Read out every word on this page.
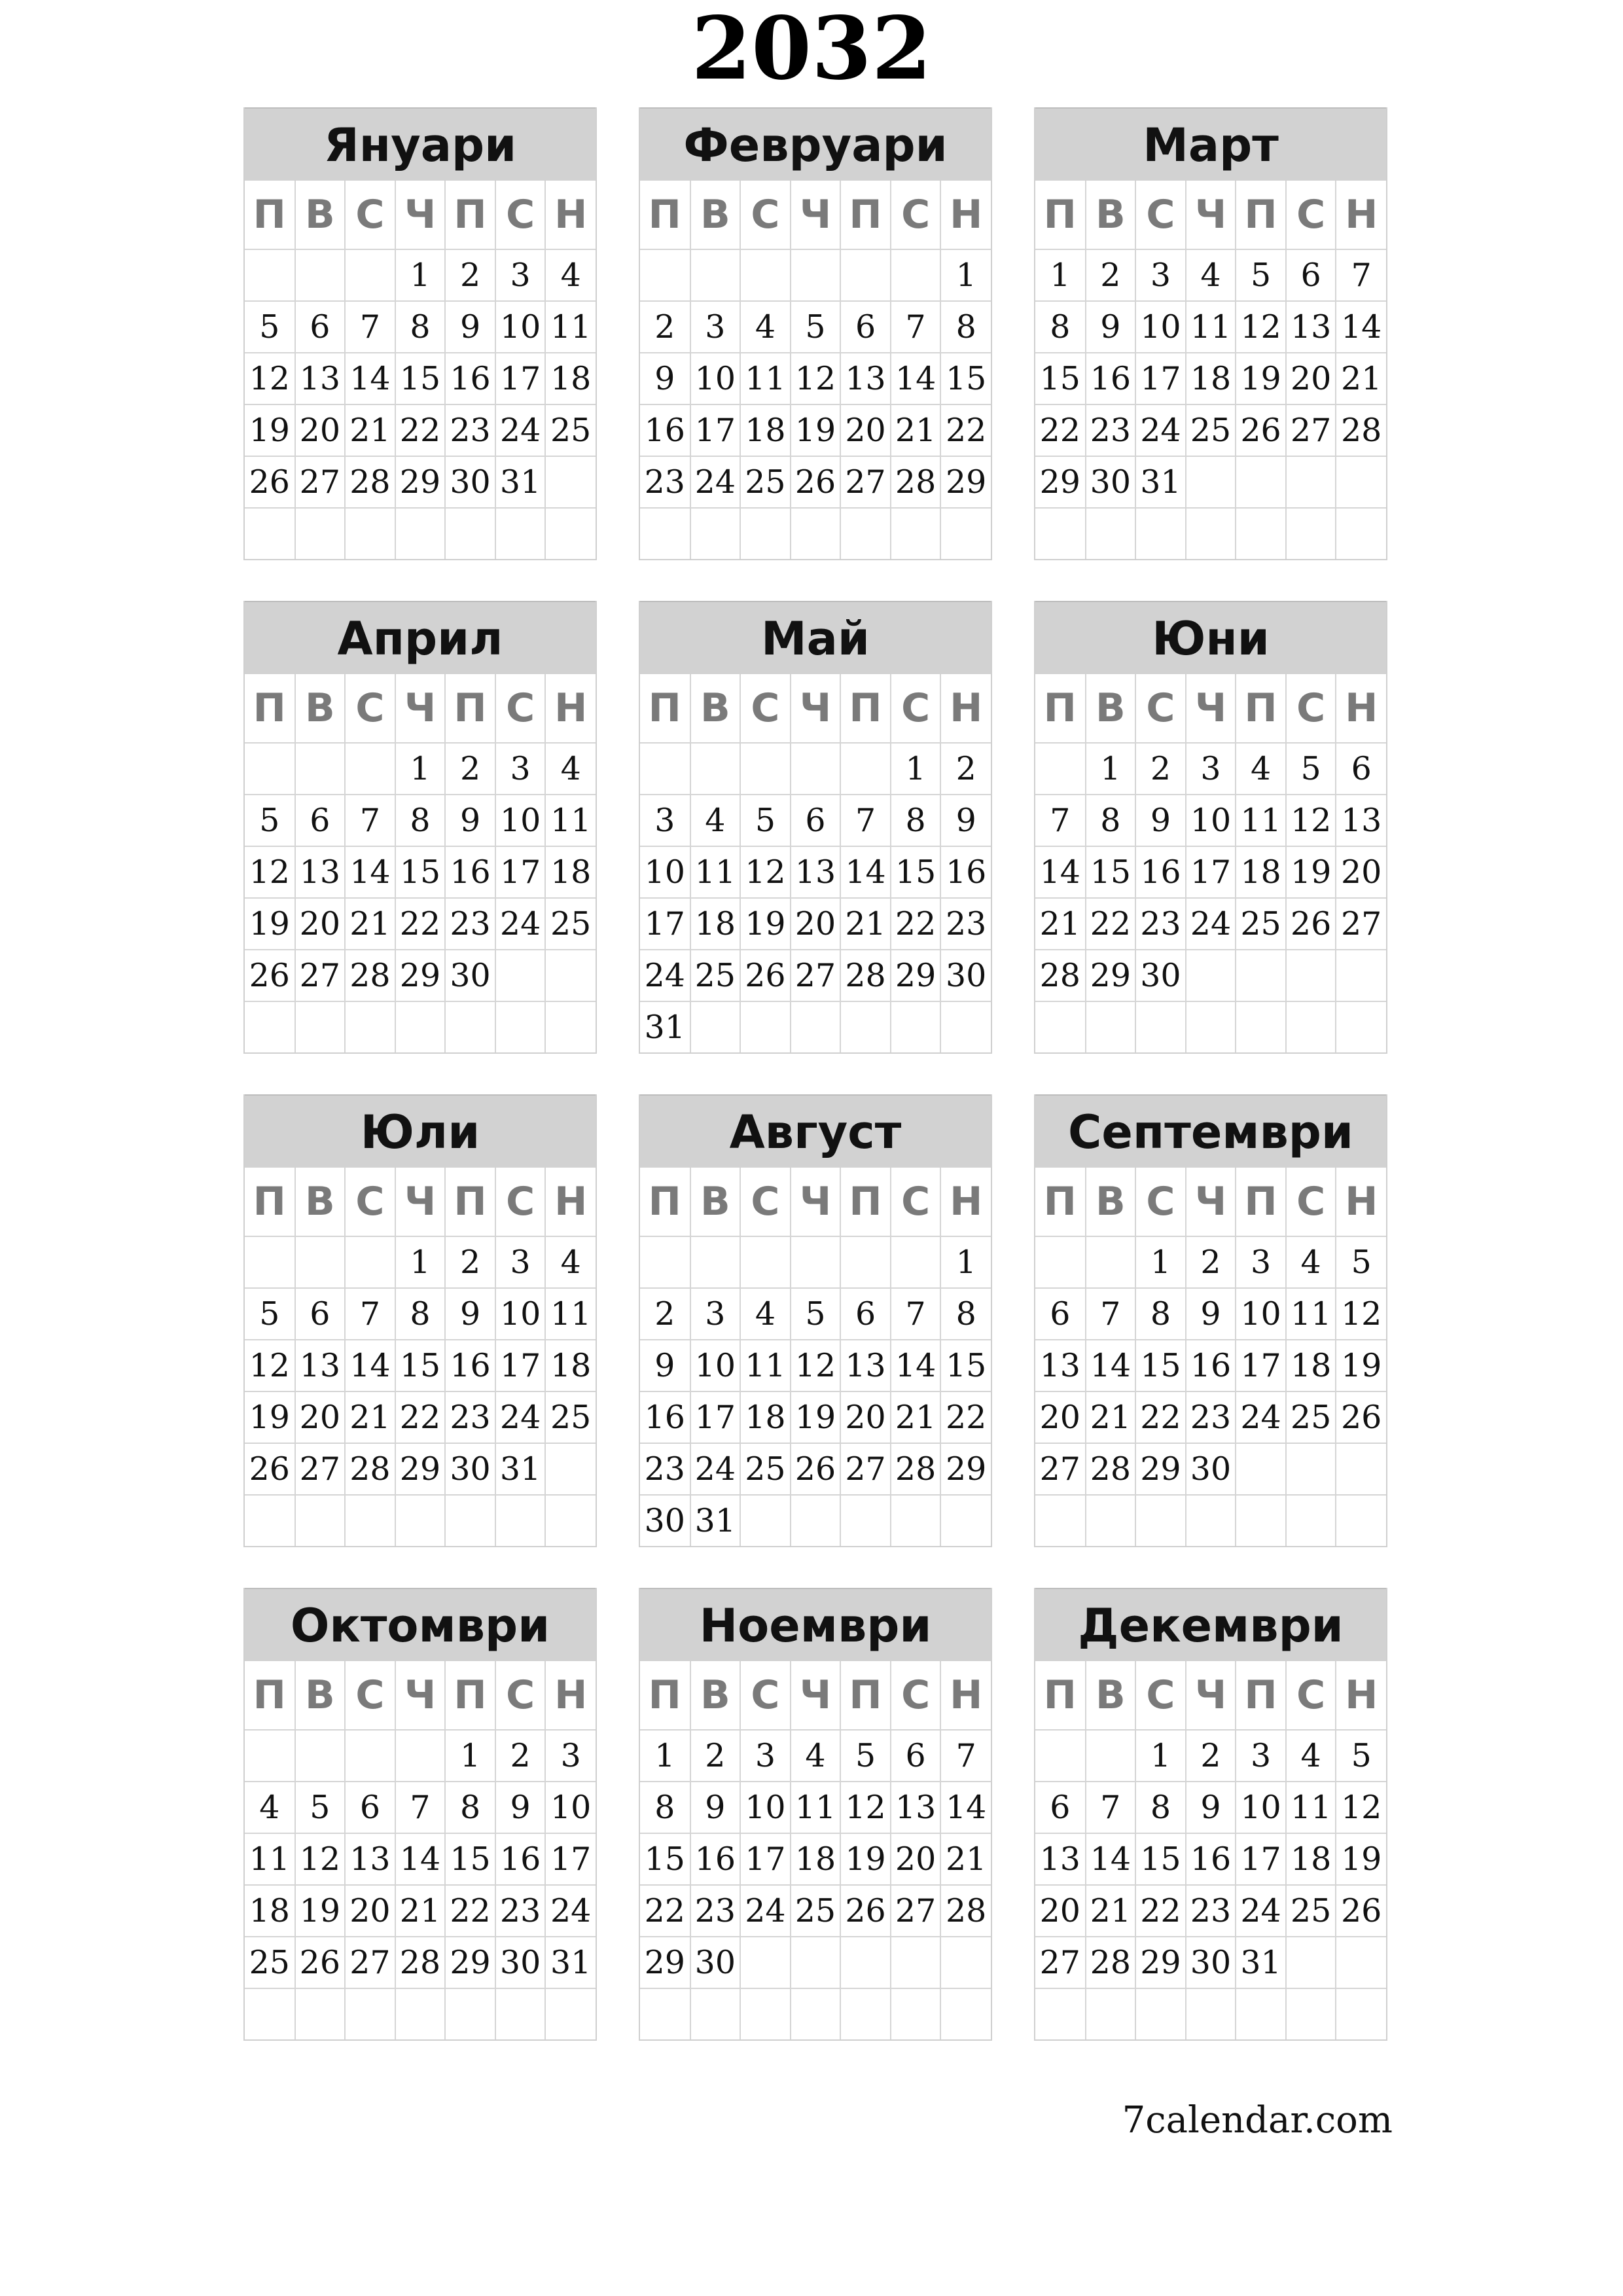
2032
Януари
П	В	С	Ч	П	С	Н
			1	2	3	4
5	6	7	8	9	10	11
12	13	14	15	16	17	18
19	20	21	22	23	24	25
26	27	28	29	30	31	

Февруари
П	В	С	Ч	П	С	Н
						1
2	3	4	5	6	7	8
9	10	11	12	13	14	15
16	17	18	19	20	21	22
23	24	25	26	27	28	29

Март
П	В	С	Ч	П	С	Н
1	2	3	4	5	6	7
8	9	10	11	12	13	14
15	16	17	18	19	20	21
22	23	24	25	26	27	28
29	30	31				

Април
П	В	С	Ч	П	С	Н
			1	2	3	4
5	6	7	8	9	10	11
12	13	14	15	16	17	18
19	20	21	22	23	24	25
26	27	28	29	30		

Май
П	В	С	Ч	П	С	Н
					1	2
3	4	5	6	7	8	9
10	11	12	13	14	15	16
17	18	19	20	21	22	23
24	25	26	27	28	29	30
31						
Юни
П	В	С	Ч	П	С	Н
	1	2	3	4	5	6
7	8	9	10	11	12	13
14	15	16	17	18	19	20
21	22	23	24	25	26	27
28	29	30				

Юли
П	В	С	Ч	П	С	Н
			1	2	3	4
5	6	7	8	9	10	11
12	13	14	15	16	17	18
19	20	21	22	23	24	25
26	27	28	29	30	31	

Август
П	В	С	Ч	П	С	Н
						1
2	3	4	5	6	7	8
9	10	11	12	13	14	15
16	17	18	19	20	21	22
23	24	25	26	27	28	29
30	31					
Септември
П	В	С	Ч	П	С	Н
		1	2	3	4	5
6	7	8	9	10	11	12
13	14	15	16	17	18	19
20	21	22	23	24	25	26
27	28	29	30			

Октомври
П	В	С	Ч	П	С	Н
				1	2	3
4	5	6	7	8	9	10
11	12	13	14	15	16	17
18	19	20	21	22	23	24
25	26	27	28	29	30	31

Ноември
П	В	С	Ч	П	С	Н
1	2	3	4	5	6	7
8	9	10	11	12	13	14
15	16	17	18	19	20	21
22	23	24	25	26	27	28
29	30					

Декември
П	В	С	Ч	П	С	Н
		1	2	3	4	5
6	7	8	9	10	11	12
13	14	15	16	17	18	19
20	21	22	23	24	25	26
27	28	29	30	31		

7calendar.com
